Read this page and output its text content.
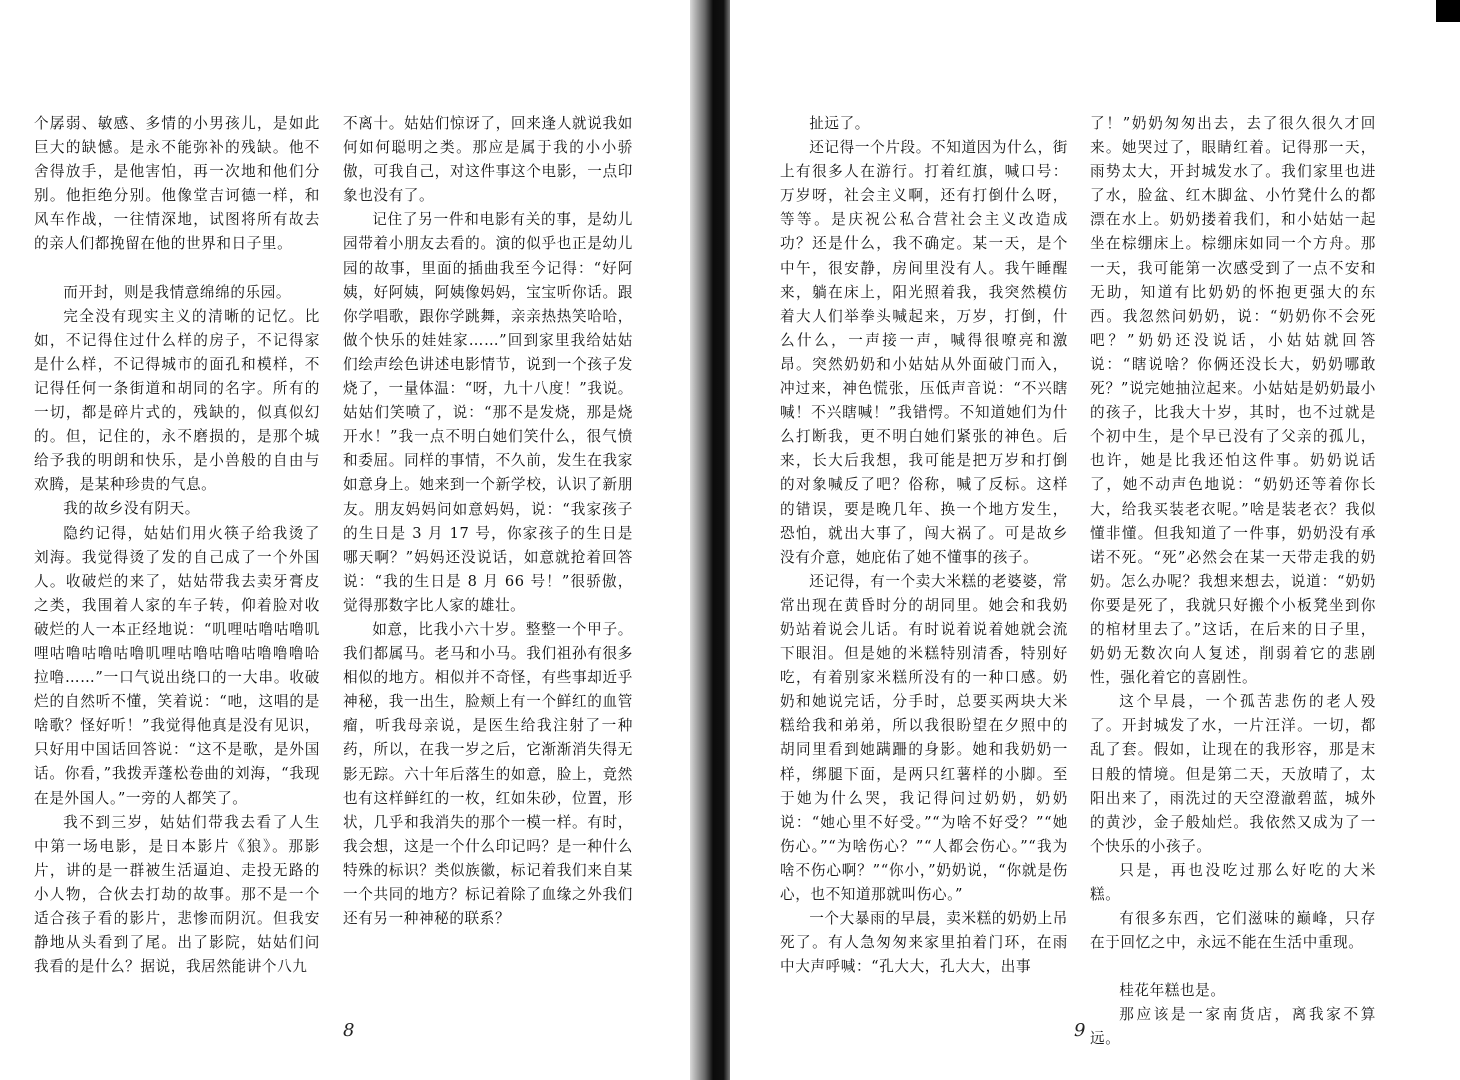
个孱弱、敏感、多情的小男孩儿，是如此巨大的缺憾。是永不能弥补的残缺。他不舍得放手，是他害怕，再一次地和他们分别。他拒绝分别。他像堂吉诃德一样，和风车作战，一往情深地，试图将所有故去的亲人们都挽留在他的世界和日子里。

而开封，则是我情意绵绵的乐园。

完全没有现实主义的清晰的记忆。比如，不记得住过什么样的房子，不记得家是什么样，不记得城市的面孔和模样，不记得任何一条街道和胡同的名字。所有的一切，都是碎片式的，残缺的，似真似幻的。但，记住的，永不磨损的，是那个城给予我的明朗和快乐，是小兽般的自由与欢腾，是某种珍贵的气息。

我的故乡没有阴天。

隐约记得，姑姑们用火筷子给我烫了刘海。我觉得烫了发的自己成了一个外国人。收破烂的来了，姑姑带我去卖牙膏皮之类，我围着人家的车子转，仰着脸对收破烂的人一本正经地说：“叽哩咕噜咕噜叽哩咕噜咕噜咕噜叽哩咕噜咕噜咕噜噜噜哈拉噜……”一口气说出绕口的一大串。收破烂的自然听不懂，笑着说：“吔，这唱的是啥歌？怪好听！”我觉得他真是没有见识，只好用中国话回答说：“这不是歌，是外国话。你看，”我拨弄蓬松卷曲的刘海，“我现在是外国人。”一旁的人都笑了。

我不到三岁，姑姑们带我去看了人生中第一场电影，是日本影片《狼》。那影片，讲的是一群被生活逼迫、走投无路的小人物，合伙去打劫的故事。那不是一个适合孩子看的影片，悲惨而阴沉。但我安静地从头看到了尾。出了影院，姑姑们问我看的是什么？据说，我居然能讲个八九

不离十。姑姑们惊讶了，回来逢人就说我如何如何聪明之类。那应是属于我的小小骄傲，可我自己，对这件事这个电影，一点印象也没有了。

记住了另一件和电影有关的事，是幼儿园带着小朋友去看的。演的似乎也正是幼儿园的故事，里面的插曲我至今记得：“好阿姨，好阿姨，阿姨像妈妈，宝宝听你话。跟你学唱歌，跟你学跳舞，亲亲热热笑哈哈，做个快乐的娃娃家……”回到家里我给姑姑们绘声绘色讲述电影情节，说到一个孩子发烧了，一量体温：“呀，九十八度！”我说。姑姑们笑喷了，说：“那不是发烧，那是烧开水！”我一点不明白她们笑什么，很气愤和委屈。同样的事情，不久前，发生在我家如意身上。她来到一个新学校，认识了新朋友。朋友妈妈问如意妈妈，说：“我家孩子的生日是 3 月 17 号，你家孩子的生日是哪天啊？”妈妈还没说话，如意就抢着回答说：“我的生日是 8 月 66 号！”很骄傲，觉得那数字比人家的雄壮。

如意，比我小六十岁。整整一个甲子。我们都属马。老马和小马。我们祖孙有很多相似的地方。相似并不奇怪，有些事却近乎神秘，我一出生，脸颊上有一个鲜红的血管瘤，听我母亲说，是医生给我注射了一种药，所以，在我一岁之后，它渐渐消失得无影无踪。六十年后落生的如意，脸上，竟然也有这样鲜红的一枚，红如朱砂，位置，形状，几乎和我消失的那个一模一样。有时，我会想，这是一个什么印记吗？是一种什么特殊的标识？类似族徽，标记着我们来自某一个共同的地方？标记着除了血缘之外我们还有另一种神秘的联系？

8

扯远了。

还记得一个片段。不知道因为什么，街上有很多人在游行。打着红旗，喊口号：万岁呀，社会主义啊，还有打倒什么呀，等等。是庆祝公私合营社会主义改造成功？还是什么，我不确定。某一天，是个中午，很安静，房间里没有人。我午睡醒来，躺在床上，阳光照着我，我突然模仿着大人们举拳头喊起来，万岁，打倒，什么什么，一声接一声，喊得很嘹亮和激昂。突然奶奶和小姑姑从外面破门而入，冲过来，神色慌张，压低声音说：“不兴瞎喊！不兴瞎喊！”我错愕。不知道她们为什么打断我，更不明白她们紧张的神色。后来，长大后我想，我可能是把万岁和打倒的对象喊反了吧？俗称，喊了反标。这样的错误，要是晚几年、换一个地方发生，恐怕，就出大事了，闯大祸了。可是故乡没有介意，她庇佑了她不懂事的孩子。

还记得，有一个卖大米糕的老婆婆，常常出现在黄昏时分的胡同里。她会和我奶奶站着说会儿话。有时说着说着她就会流下眼泪。但是她的米糕特别清香，特别好吃，有着别家米糕所没有的一种口感。奶奶和她说完话，分手时，总要买两块大米糕给我和弟弟，所以我很盼望在夕照中的胡同里看到她蹒跚的身影。她和我奶奶一样，绑腿下面，是两只红薯样的小脚。至于她为什么哭，我记得问过奶奶，奶奶说：“她心里不好受。”“为啥不好受？”“她伤心。”“为啥伤心？”“人都会伤心。”“我为啥不伤心啊？”“你小，”奶奶说，“你就是伤心，也不知道那就叫伤心。”

一个大暴雨的早晨，卖米糕的奶奶上吊死了。有人急匆匆来家里拍着门环，在雨中大声呼喊：“孔大大，孔大大，出事

了！”奶奶匆匆出去，去了很久很久才回来。她哭过了，眼睛红着。记得那一天，雨势太大，开封城发水了。我们家里也进了水，脸盆、红木脚盆、小竹凳什么的都漂在水上。奶奶搂着我们，和小姑姑一起坐在棕绷床上。棕绷床如同一个方舟。那一天，我可能第一次感受到了一点不安和无助，知道有比奶奶的怀抱更强大的东西。我忽然问奶奶，说：“奶奶你不会死吧？”奶奶还没说话，小姑姑就回答说：“瞎说啥？你俩还没长大，奶奶哪敢死？”说完她抽泣起来。小姑姑是奶奶最小的孩子，比我大十岁，其时，也不过就是个初中生，是个早已没有了父亲的孤儿，也许，她是比我还怕这件事。奶奶说话了，她不动声色地说：“奶奶还等着你长大，给我买装老衣呢。”啥是装老衣？我似懂非懂。但我知道了一件事，奶奶没有承诺不死。“死”必然会在某一天带走我的奶奶。怎么办呢？我想来想去，说道：“奶奶你要是死了，我就只好搬个小板凳坐到你的棺材里去了。”这话，在后来的日子里，奶奶无数次向人复述，削弱着它的悲剧性，强化着它的喜剧性。

这个早晨，一个孤苦悲伤的老人殁了。开封城发了水，一片汪洋。一切，都乱了套。假如，让现在的我形容，那是末日般的情境。但是第二天，天放晴了，太阳出来了，雨洗过的天空澄澈碧蓝，城外的黄沙，金子般灿烂。我依然又成为了一个快乐的小孩子。

只是，再也没吃过那么好吃的大米糕。

有很多东西，它们滋味的巅峰，只存在于回忆之中，永远不能在生活中重现。

桂花年糕也是。

那应该是一家南货店，离我家不算远。

9
